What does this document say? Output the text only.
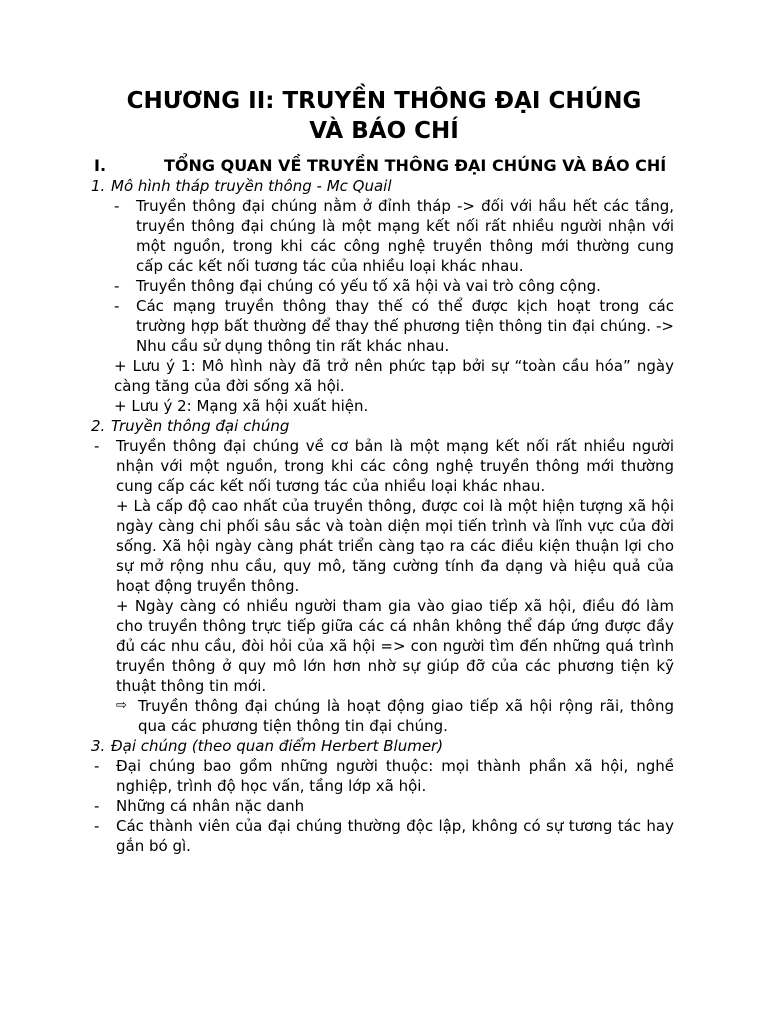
CHƯƠNG II: TRUYỀN THÔNG ĐẠI CHÚNG
VÀ BÁO CHÍ
I.	TỔNG QUAN VỀ TRUYỀN THÔNG ĐẠI CHÚNG VÀ BÁO CHÍ
1. Mô hình tháp truyền thông - Mc Quail
-	Truyền thông đại chúng nằm ở đỉnh tháp -> đối với hầu hết các tầng, truyền thông đại chúng là một mạng kết nối rất nhiều người nhận với một nguồn, trong khi các công nghệ truyền thông mới thường cung cấp các kết nối tương tác của nhiều loại khác nhau.
-	Truyền thông đại chúng có yếu tố xã hội và vai trò công cộng.
-	Các mạng truyền thông thay thế có thể được kịch hoạt trong các trường hợp bất thường để thay thế phương tiện thông tin đại chúng. -> Nhu cầu sử dụng thông tin rất khác nhau.
+ Lưu ý 1: Mô hình này đã trở nên phức tạp bởi sự “toàn cầu hóa” ngày càng tăng của đời sống xã hội.
+ Lưu ý 2: Mạng xã hội xuất hiện.
2. Truyền thông đại chúng
-	Truyền thông đại chúng về cơ bản là một mạng kết nối rất nhiều người nhận với một nguồn, trong khi các công nghệ truyền thông mới thường cung cấp các kết nối tương tác của nhiều loại khác nhau.
+ Là cấp độ cao nhất của truyền thông, được coi là một hiện tượng xã hội ngày càng chi phối sâu sắc và toàn diện mọi tiến trình và lĩnh vực của đời sống. Xã hội ngày càng phát triển càng tạo ra các điều kiện thuận lợi cho sự mở rộng nhu cầu, quy mô, tăng cường tính đa dạng và hiệu quả của hoạt động truyền thông.
+ Ngày càng có nhiều người tham gia vào giao tiếp xã hội, điều đó làm cho truyền thông trực tiếp giữa các cá nhân không thể đáp ứng được đầy đủ các nhu cầu, đòi hỏi của xã hội => con người tìm đến những quá trình truyền thông ở quy mô lớn hơn nhờ sự giúp đỡ của các phương tiện kỹ thuật thông tin mới.
⇨ Truyền thông đại chúng là hoạt động giao tiếp xã hội rộng rãi, thông qua các phương tiện thông tin đại chúng.
3. Đại chúng (theo quan điểm Herbert Blumer)
-	Đại chúng bao gồm những người thuộc: mọi thành phần xã hội, nghề nghiệp, trình độ học vấn, tầng lớp xã hội.
-	Những cá nhân nặc danh
-	Các thành viên của đại chúng thường độc lập, không có sự tương tác hay gắn bó gì.
